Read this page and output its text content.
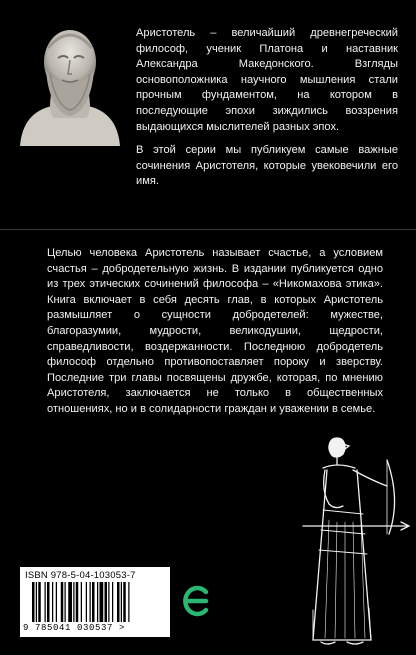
Аристотель – величайший древнегреческий философ, ученик Платона и наставник Александра Македонского. Взгляды основоположника научного мышления стали прочным фундаментом, на котором в последующие эпохи зиждились воззрения выдающихся мыслителей разных эпох.

В этой серии мы публикуем самые важные сочинения Аристотеля, которые увековечили его имя.

Целью человека Аристотель называет счастье, а условием счастья – добродетельную жизнь. В издании публикуется одно из трех этических сочинений философа – «Никомахова этика». Книга включает в себя десять глав, в которых Аристотель размышляет о сущности добродетелей: мужестве, благоразумии, мудрости, великодушии, щедрости, справедливости, воздержанности. Последнюю добродетель философ отдельно противопоставляет пороку и зверству. Последние три главы посвящены дружбе, которая, по мнению Аристотеля, заключается не только в общественных отношениях, но и в солидарности граждан и уважении в семье.

ISBN 978-5-04-103053-7
9 785041 030537 >
